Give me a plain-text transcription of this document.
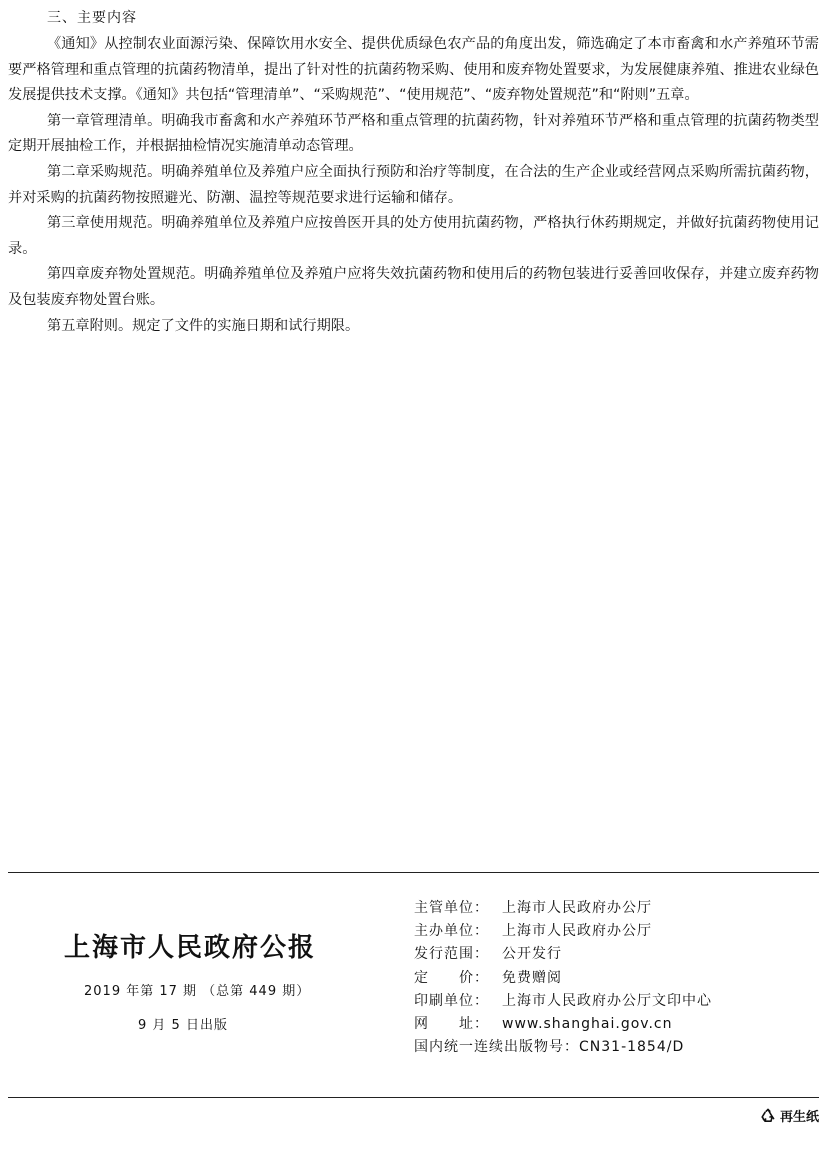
三、主要内容

《通知》从控制农业面源污染、保障饮用水安全、提供优质绿色农产品的角度出发，筛选确定了本市畜禽和水产养殖环节需要严格管理和重点管理的抗菌药物清单，提出了针对性的抗菌药物采购、使用和废弃物处置要求，为发展健康养殖、推进农业绿色发展提供技术支撑。《通知》共包括“管理清单”、“采购规范”、“使用规范”、“废弃物处置规范”和“附则”五章。

第一章管理清单。明确我市畜禽和水产养殖环节严格和重点管理的抗菌药物，针对养殖环节严格和重点管理的抗菌药物类型定期开展抽检工作，并根据抽检情况实施清单动态管理。

第二章采购规范。明确养殖单位及养殖户应全面执行预防和治疗等制度，在合法的生产企业或经营网点采购所需抗菌药物，并对采购的抗菌药物按照避光、防潮、温控等规范要求进行运输和储存。

第三章使用规范。明确养殖单位及养殖户应按兽医开具的处方使用抗菌药物，严格执行休药期规定，并做好抗菌药物使用记录。

第四章废弃物处置规范。明确养殖单位及养殖户应将失效抗菌药物和使用后的药物包装进行妥善回收保存，并建立废弃药物及包装废弃物处置台账。

第五章附则。规定了文件的实施日期和试行期限。

上海市人民政府公报
2019 年第 17 期 （总第 449 期）
9 月 5 日出版
主管单位： 上海市人民政府办公厅
主办单位： 上海市人民政府办公厅
发行范围： 公开发行
定　　价： 免费赠阅
印刷单位： 上海市人民政府办公厅文印中心
网　　址： www.shanghai.gov.cn
国内统一连续出版物号： CN31-1854/D
再生纸
